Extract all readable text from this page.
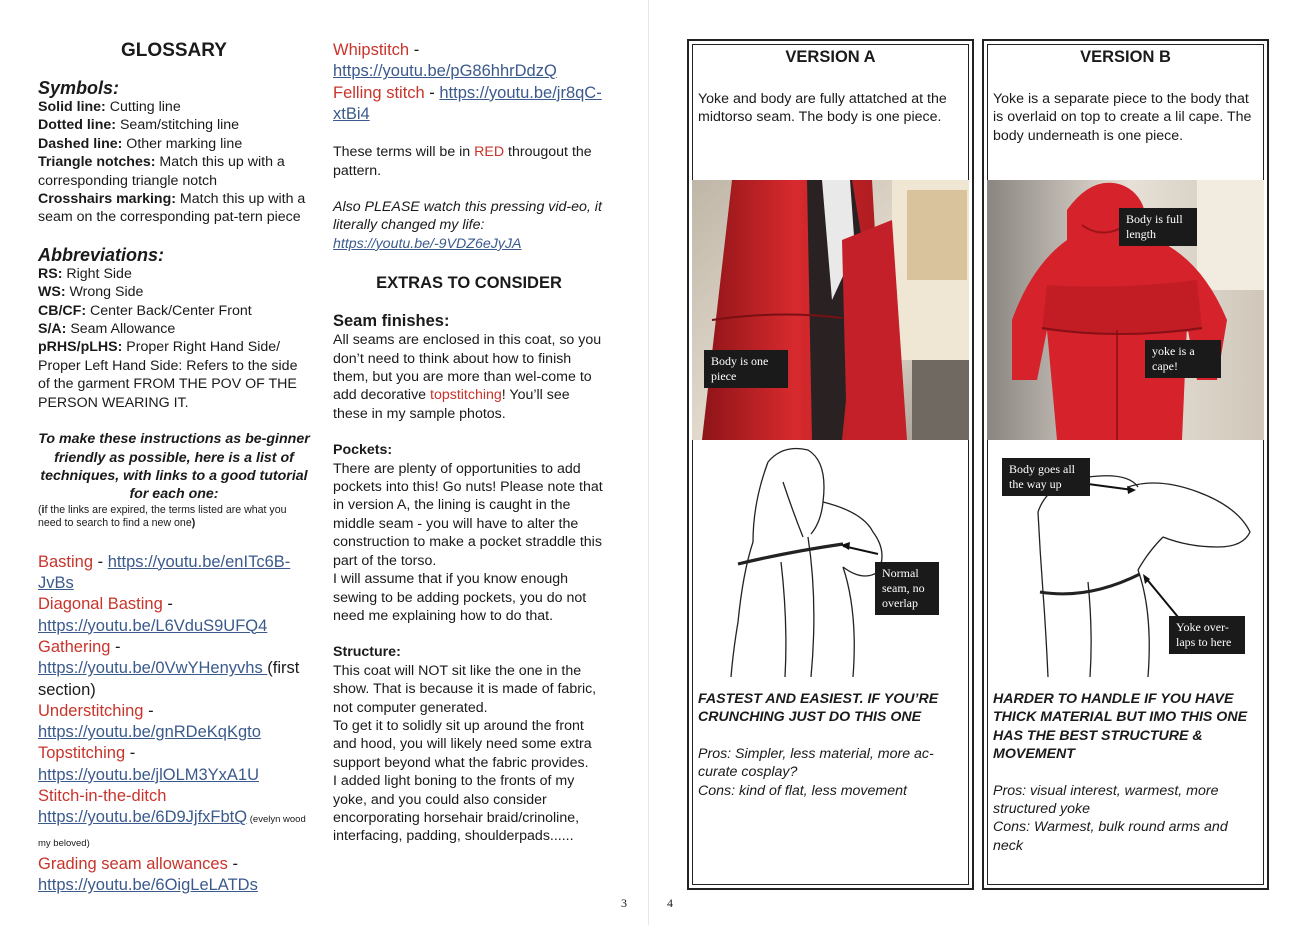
GLOSSARY
Symbols:
Solid line: Cutting line
Dotted line: Seam/stitching line
Dashed line: Other marking line
Triangle notches: Match this up with a corresponding triangle notch
Crosshairs marking: Match this up with a seam on the corresponding pat-tern piece
Abbreviations:
RS: Right Side
WS: Wrong Side
CB/CF: Center Back/Center Front
S/A: Seam Allowance
pRHS/pLHS: Proper Right Hand Side/ Proper Left Hand Side: Refers to the side of the garment FROM THE POV OF THE PERSON WEARING IT.
To make these instructions as be-ginner friendly as possible, here is a list of techniques, with links to a good tutorial for each one:
(if the links are expired, the terms listed are what you need to search to find a new one)
Basting - https://youtu.be/enITc6B-JvBs
Diagonal Basting - https://youtu.be/L6VduS9UFQ4
Gathering - https://youtu.be/0VwYHenyvhs (first section)
Understitching - https://youtu.be/gnRDeKqKgto
Topstitching - https://youtu.be/jlOLM3YxA1U
Stitch-in-the-ditch https://youtu.be/6D9JjfxFbtQ (evelyn wood my beloved)
Grading seam allowances - https://youtu.be/6OigLeLATDs
Whipstitch - https://youtu.be/pG86hhrDdzQ
Felling stitch - https://youtu.be/jr8qC-xtBi4
These terms will be in RED througout the pattern.
Also PLEASE watch this pressing vid-eo, it literally changed my life: https://youtu.be/-9VDZ6eJyJA
EXTRAS TO CONSIDER
Seam finishes:
All seams are enclosed in this coat, so you don’t need to think about how to finish them, but you are more than wel-come to add decorative topstitching! You’ll see these in my sample photos.
Pockets:
There are plenty of opportunities to add pockets into this! Go nuts! Please note that in version A, the lining is caught in the middle seam - you will have to alter the construction to make a pocket straddle this part of the torso.
I will assume that if you know enough sewing to be adding pockets, you do not need me explaining how to do that.
Structure:
This coat will NOT sit like the one in the show. That is because it is made of fabric, not computer generated.
To get it to solidly sit up around the front and hood, you will likely need some extra support beyond what the fabric provides.
I added light boning to the fronts of my yoke, and you could also consider encorporating horsehair braid/crinoline, interfacing, padding, shoulderpads......
3	4
VERSION A
Yoke and body are fully attatched at the midtorso seam. The body is one piece.
Body is one
piece
Normal
seam, no
overlap
FASTEST AND EASIEST. IF YOU’RE CRUNCHING JUST DO THIS ONE
Pros: Simpler, less material, more ac-curate cosplay?
Cons: kind of flat, less movement
VERSION B
Yoke is a separate piece to the body that is overlaid on top to create a lil cape. The body underneath is one piece.
Body is full
length
yoke is a
cape!
Body goes all
the way up
Yoke over-
laps to here
HARDER TO HANDLE IF YOU HAVE THICK MATERIAL BUT IMO THIS ONE HAS THE BEST STRUCTURE & MOVEMENT
Pros: visual interest, warmest, more structured yoke
Cons: Warmest, bulk round arms and neck
